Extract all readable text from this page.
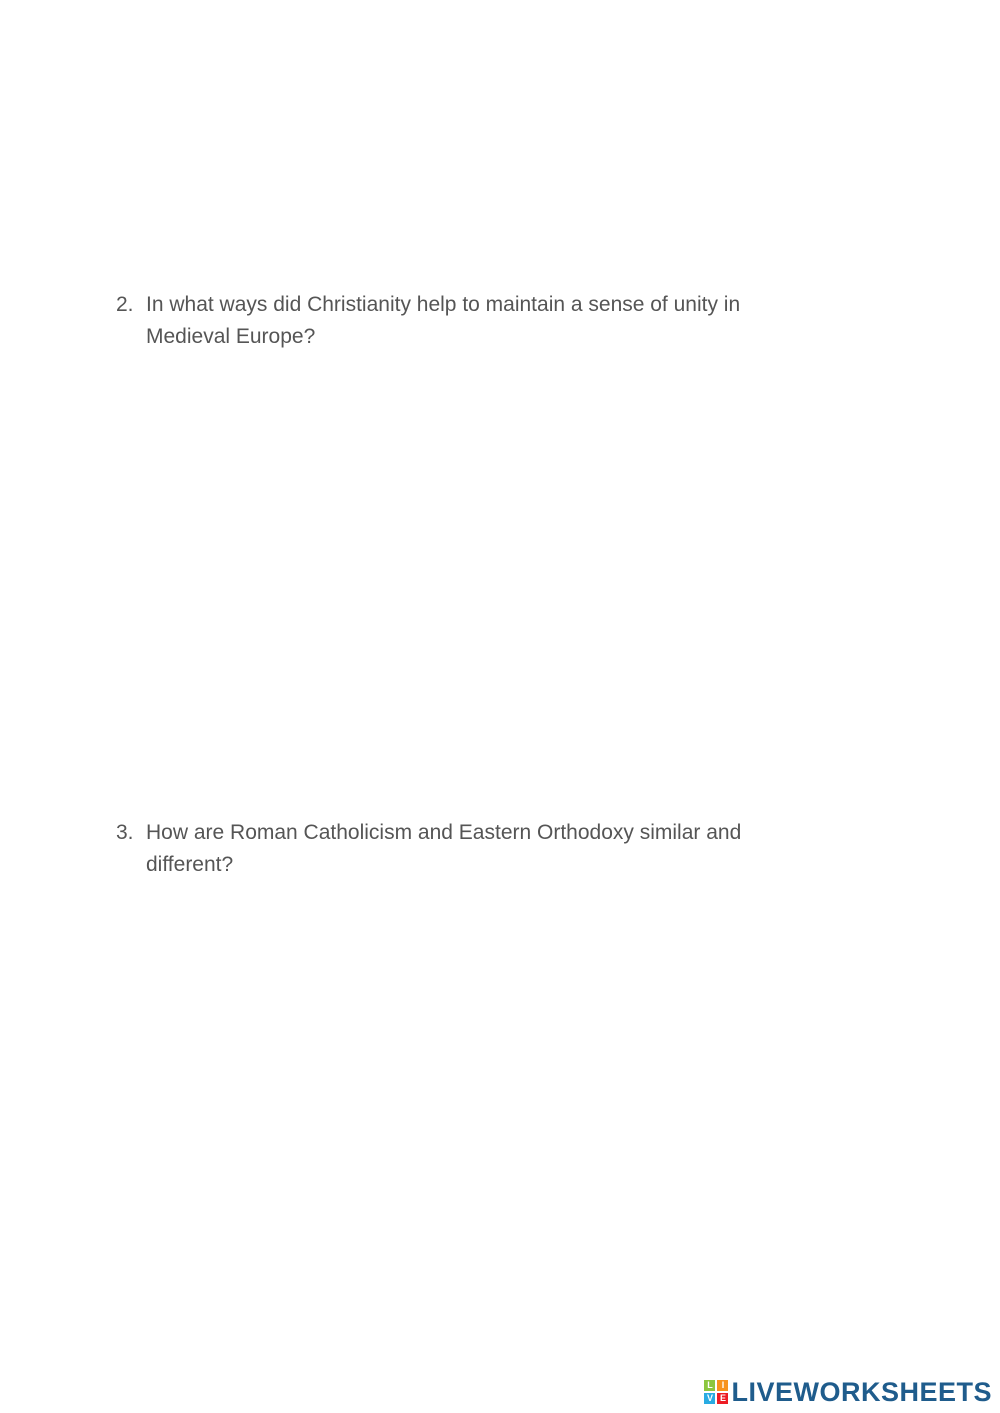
2. In what ways did Christianity help to maintain a sense of unity in Medieval Europe?
3. How are Roman Catholicism and Eastern Orthodoxy similar and different?
L I
V E LIVEWORKSHEETS
